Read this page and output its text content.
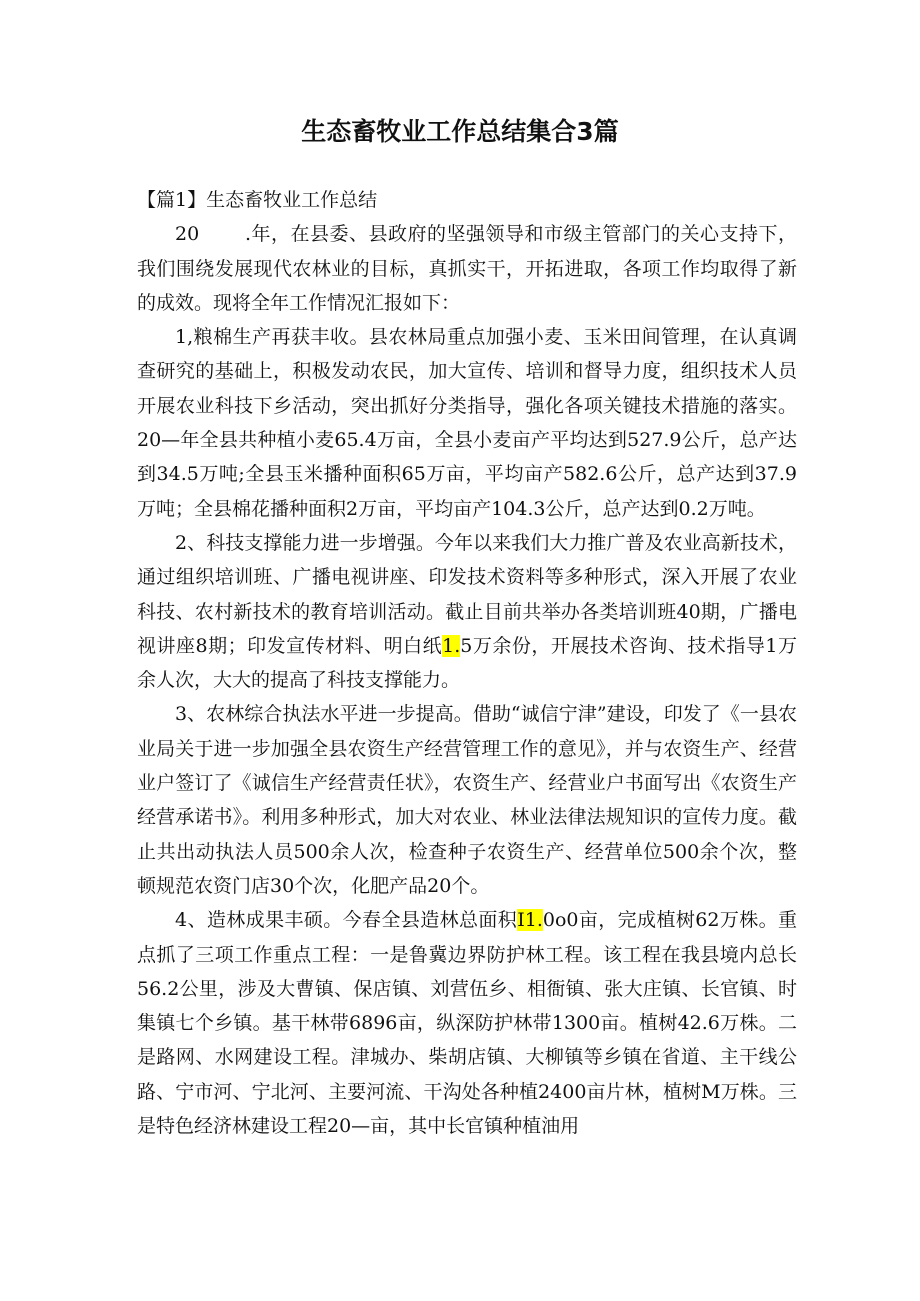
生态畜牧业工作总结集合3篇

【篇1】生态畜牧业工作总结

20 .年，在县委、县政府的坚强领导和市级主管部门的关心支持下，我们围绕发展现代农林业的目标，真抓实干，开拓进取，各项工作均取得了新的成效。现将全年工作情况汇报如下：

1,粮棉生产再获丰收。县农林局重点加强小麦、玉米田间管理，在认真调查研究的基础上，积极发动农民，加大宣传、培训和督导力度，组织技术人员开展农业科技下乡活动，突出抓好分类指导，强化各项关键技术措施的落实。20—年全县共种植小麦65.4万亩，全县小麦亩产平均达到527.9公斤，总产达到34.5万吨;全县玉米播种面积65万亩，平均亩产582.6公斤，总产达到37.9万吨；全县棉花播种面积2万亩，平均亩产104.3公斤，总产达到0.2万吨。

2、科技支撑能力进一步增强。今年以来我们大力推广普及农业高新技术，通过组织培训班、广播电视讲座、印发技术资料等多种形式，深入开展了农业科技、农村新技术的教育培训活动。截止目前共举办各类培训班40期，广播电视讲座8期；印发宣传材料、明白纸1.5万余份，开展技术咨询、技术指导1万余人次，大大的提高了科技支撑能力。

3、农林综合执法水平进一步提高。借助“诚信宁津”建设，印发了《一县农业局关于进一步加强全县农资生产经营管理工作的意见》，并与农资生产、经营业户签订了《诚信生产经营责任状》，农资生产、经营业户书面写出《农资生产经营承诺书》。利用多种形式，加大对农业、林业法律法规知识的宣传力度。截止共出动执法人员500余人次，检查种子农资生产、经营单位500余个次，整顿规范农资门店30个次，化肥产品20个。

4、造林成果丰硕。今春全县造林总面积I1.0o0亩，完成植树62万株。重点抓了三项工作重点工程：一是鲁冀边界防护林工程。该工程在我县境内总长56.2公里，涉及大曹镇、保店镇、刘营伍乡、相衙镇、张大庄镇、长官镇、时集镇七个乡镇。基干林带6896亩，纵深防护林带1300亩。植树42.6万株。二是路网、水网建设工程。津城办、柴胡店镇、大柳镇等乡镇在省道、主干线公路、宁市河、宁北河、主要河流、干沟处各种植2400亩片林，植树M万株。三是特色经济林建设工程20—亩，其中长官镇种植油用
